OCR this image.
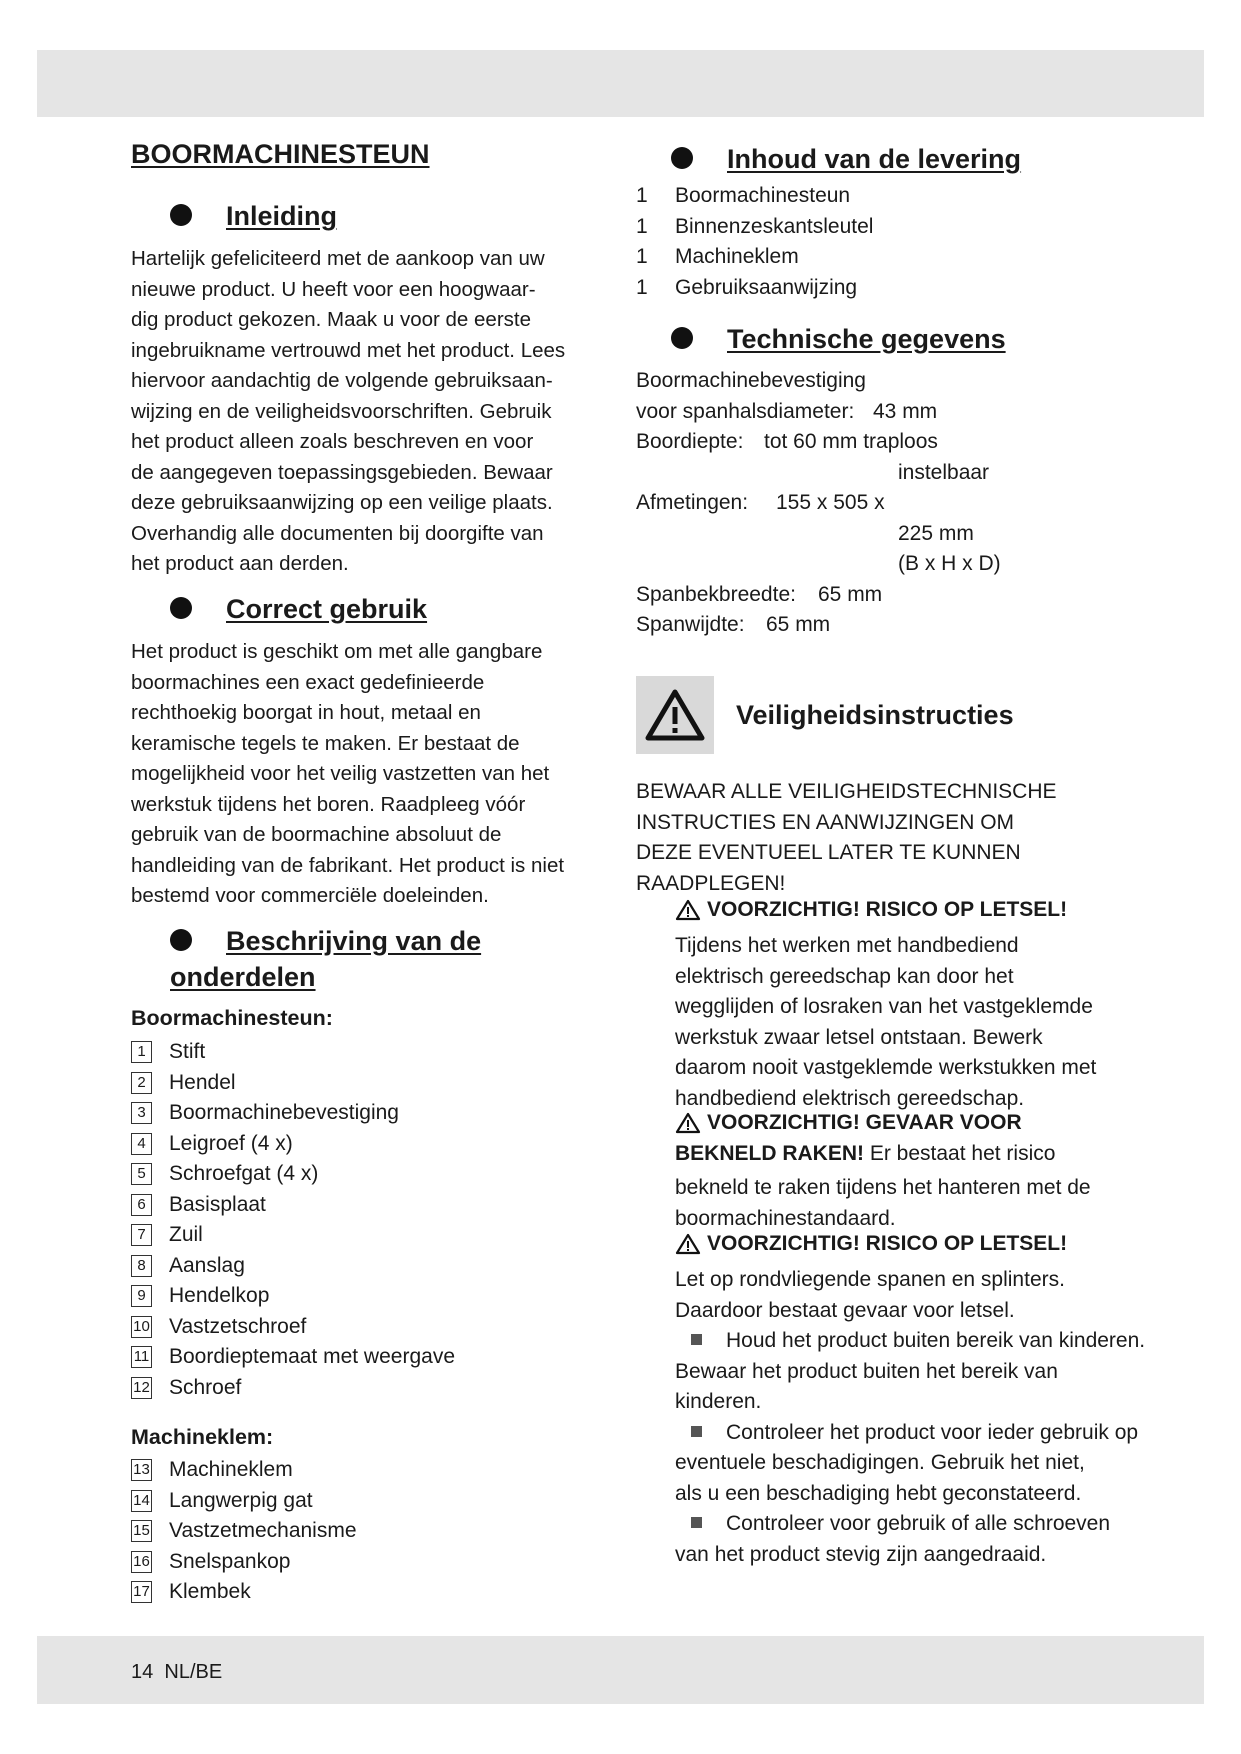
BOORMACHINESTEUN
Inleiding
Hartelijk gefeliciteerd met de aankoop van uw
nieuwe product. U heeft voor een hoogwaar-
dig product gekozen. Maak u voor de eerste
ingebruikname vertrouwd met het product. Lees
hiervoor aandachtig de volgende gebruiksaan-
wijzing en de veiligheidsvoorschriften. Gebruik
het product alleen zoals beschreven en voor
de aangegeven toepassingsgebieden. Bewaar
deze gebruiksaanwijzing op een veilige plaats.
Overhandig alle documenten bij doorgifte van
het product aan derden.
Correct gebruik
Het product is geschikt om met alle gangbare
boormachines een exact gedefinieerde
rechthoekig boorgat in hout, metaal en
keramische tegels te maken. Er bestaat de
mogelijkheid voor het veilig vastzetten van het
werkstuk tijdens het boren. Raadpleeg vóór
gebruik van de boormachine absoluut de
handleiding van de fabrikant. Het product is niet
bestemd voor commerciële doeleinden.
Beschrijving van de
onderdelen
Boormachinesteun:
1	Stift
2	Hendel
3	Boormachinebevestiging
4	Leigroef (4 x)
5	Schroefgat (4 x)
6	Basisplaat
7	Zuil
8	Aanslag
9	Hendelkop
10 Vastzetschroef
11 Boordieptemaat met weergave
12 Schroef
Machineklem:
13 Machineklem
14 Langwerpig gat
15 Vastzetmechanisme
16 Snelspankop
17 Klembek
Inhoud van de levering
1	Boormachinesteun
1	Binnenzeskantsleutel
1	Machineklem
1	Gebruiksaanwijzing
Technische gegevens
Boormachinebevestiging
voor spanhalsdiameter: 43 mm
Boordiepte: tot 60 mm traploos
instelbaar
Afmetingen: 155 x 505 x
225 mm
(B x H x D)
Spanbekbreedte: 65 mm
Spanwijdte: 65 mm
Veiligheidsinstructies
BEWAAR ALLE VEILIGHEIDSTECHNISCHE
INSTRUCTIES EN AANWIJZINGEN OM
DEZE EVENTUEEL LATER TE KUNNEN
RAADPLEGEN!
VOORZICHTIG! RISICO OP LETSEL!
Tijdens het werken met handbediend
elektrisch gereedschap kan door het
wegglijden of losraken van het vastgeklemde
werkstuk zwaar letsel ontstaan. Bewerk
daarom nooit vastgeklemde werkstukken met
handbediend elektrisch gereedschap.
VOORZICHTIG! GEVAAR VOOR
BEKNELD RAKEN! Er bestaat het risico
bekneld te raken tijdens het hanteren met de
boormachinestandaard.
VOORZICHTIG! RISICO OP LETSEL!
Let op rondvliegende spanen en splinters.
Daardoor bestaat gevaar voor letsel.
Houd het product buiten bereik van kinderen.
Bewaar het product buiten het bereik van
kinderen.
Controleer het product voor ieder gebruik op
eventuele beschadigingen. Gebruik het niet,
als u een beschadiging hebt geconstateerd.
Controleer voor gebruik of alle schroeven
van het product stevig zijn aangedraaid.
14 NL/BE
